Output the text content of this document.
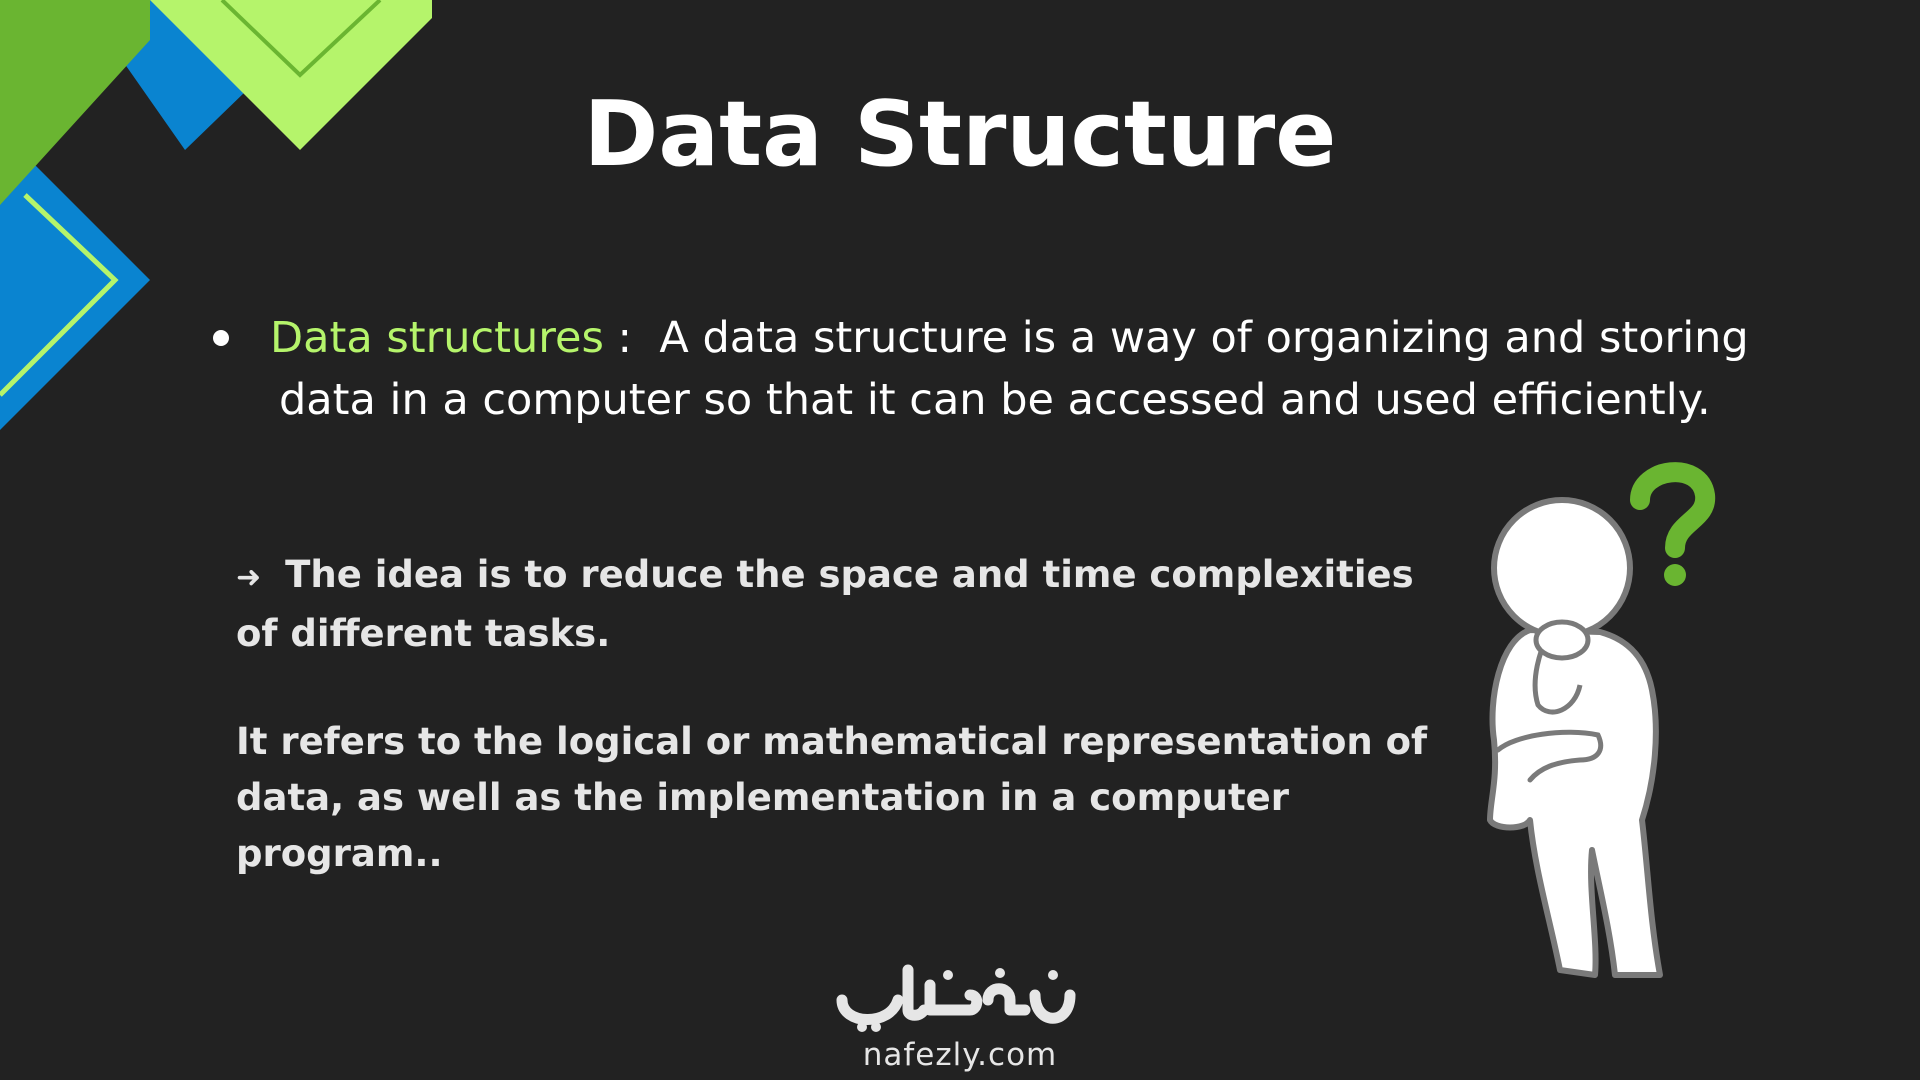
Data Structure
Data structures :  A data structure is a way of organizing and storing
data in a computer so that it can be accessed and used efficiently.
➜ The idea is to reduce the space and time complexities of different tasks.
It refers to the logical or mathematical representation of data, as well as the implementation in a computer program..
nafezly.com
